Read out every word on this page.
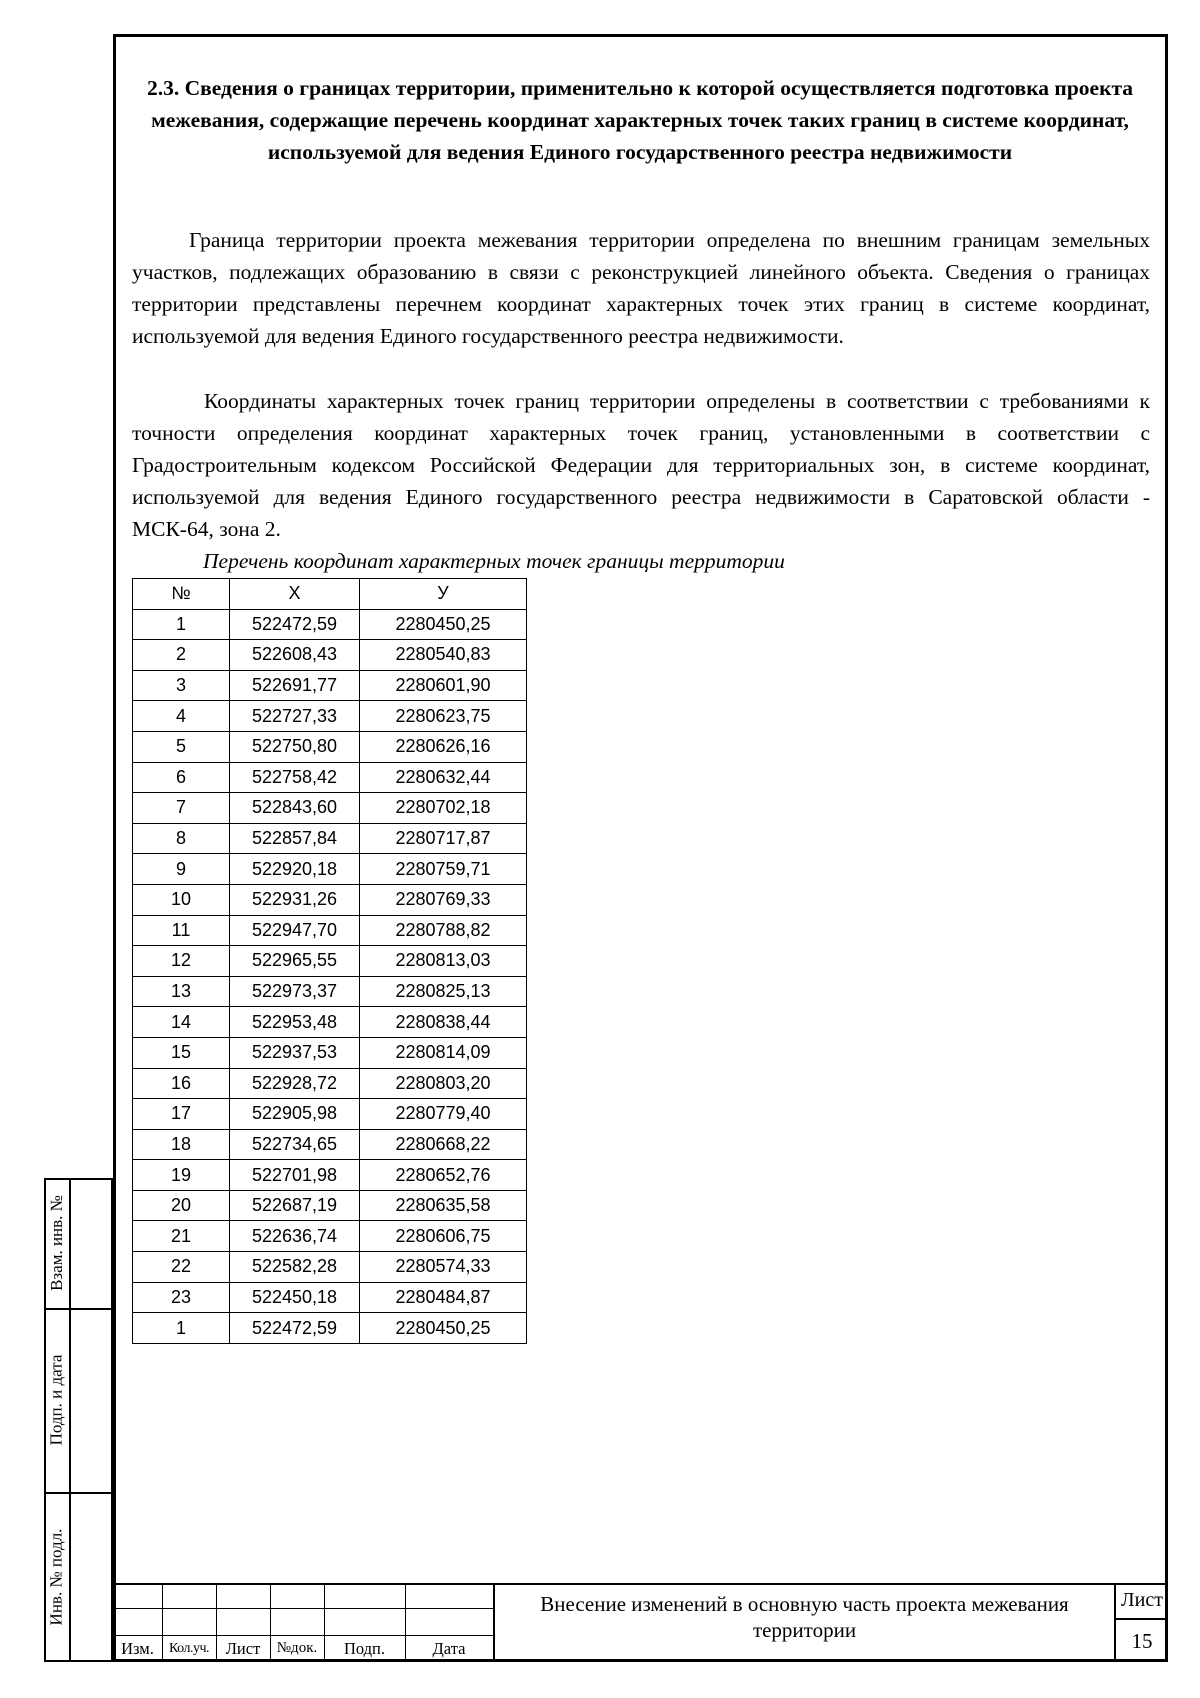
2.3. Сведения о границах территории, применительно к которой осуществляется подготовка проекта межевания, содержащие перечень координат характерных точек таких границ в системе координат, используемой для ведения Единого государственного реестра недвижимости

Граница территории проекта межевания территории определена по внешним границам земельных участков, подлежащих образованию в связи с реконструкцией линейного объекта. Сведения о границах территории представлены перечнем координат характерных точек этих границ в системе координат, используемой для ведения Единого государственного реестра недвижимости.

Координаты характерных точек границ территории определены в соответствии с требованиями к точности определения координат характерных точек границ, установленными в соответствии с Градостроительным кодексом Российской Федерации для территориальных зон, в системе координат, используемой для ведения Единого государственного реестра недвижимости в Саратовской области - МСК-64, зона 2.

Перечень координат характерных точек границы территории
№	Х	У
1	522472,59	2280450,25
2	522608,43	2280540,83
3	522691,77	2280601,90
4	522727,33	2280623,75
5	522750,80	2280626,16
6	522758,42	2280632,44
7	522843,60	2280702,18
8	522857,84	2280717,87
9	522920,18	2280759,71
10	522931,26	2280769,33
11	522947,70	2280788,82
12	522965,55	2280813,03
13	522973,37	2280825,13
14	522953,48	2280838,44
15	522937,53	2280814,09
16	522928,72	2280803,20
17	522905,98	2280779,40
18	522734,65	2280668,22
19	522701,98	2280652,76
20	522687,19	2280635,58
21	522636,74	2280606,75
22	522582,28	2280574,33
23	522450,18	2280484,87
1	522472,59	2280450,25
Взам. инв. №
Подп. и дата
Инв. № подл.
Изм.	Кол.уч.	Лист	№док.	Подп.	Дата
Внесение изменений в основную часть проекта межевания территории
Лист
15
